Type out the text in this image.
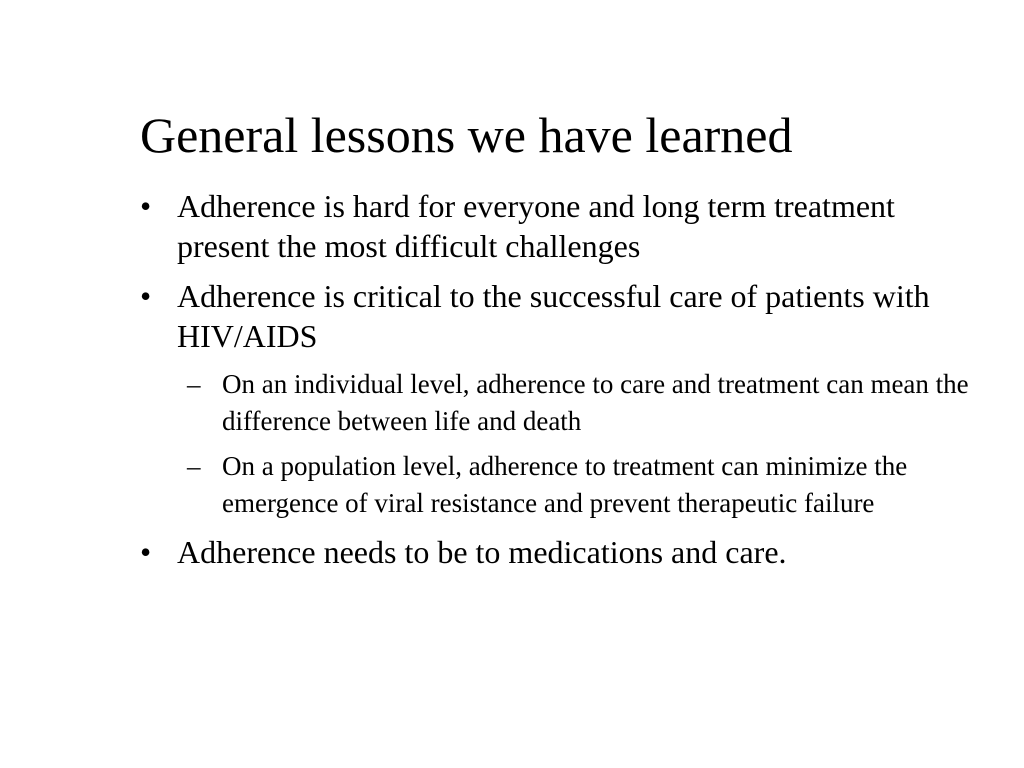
General lessons we have learned
• Adherence is hard for everyone and long term treatment present the most difficult challenges
• Adherence is critical to the successful care of patients with HIV/AIDS
– On an individual level, adherence to care and treatment can mean the difference between life and death
– On a population level, adherence to treatment can minimize the emergence of viral resistance and prevent therapeutic failure
• Adherence needs to be to medications and care.
